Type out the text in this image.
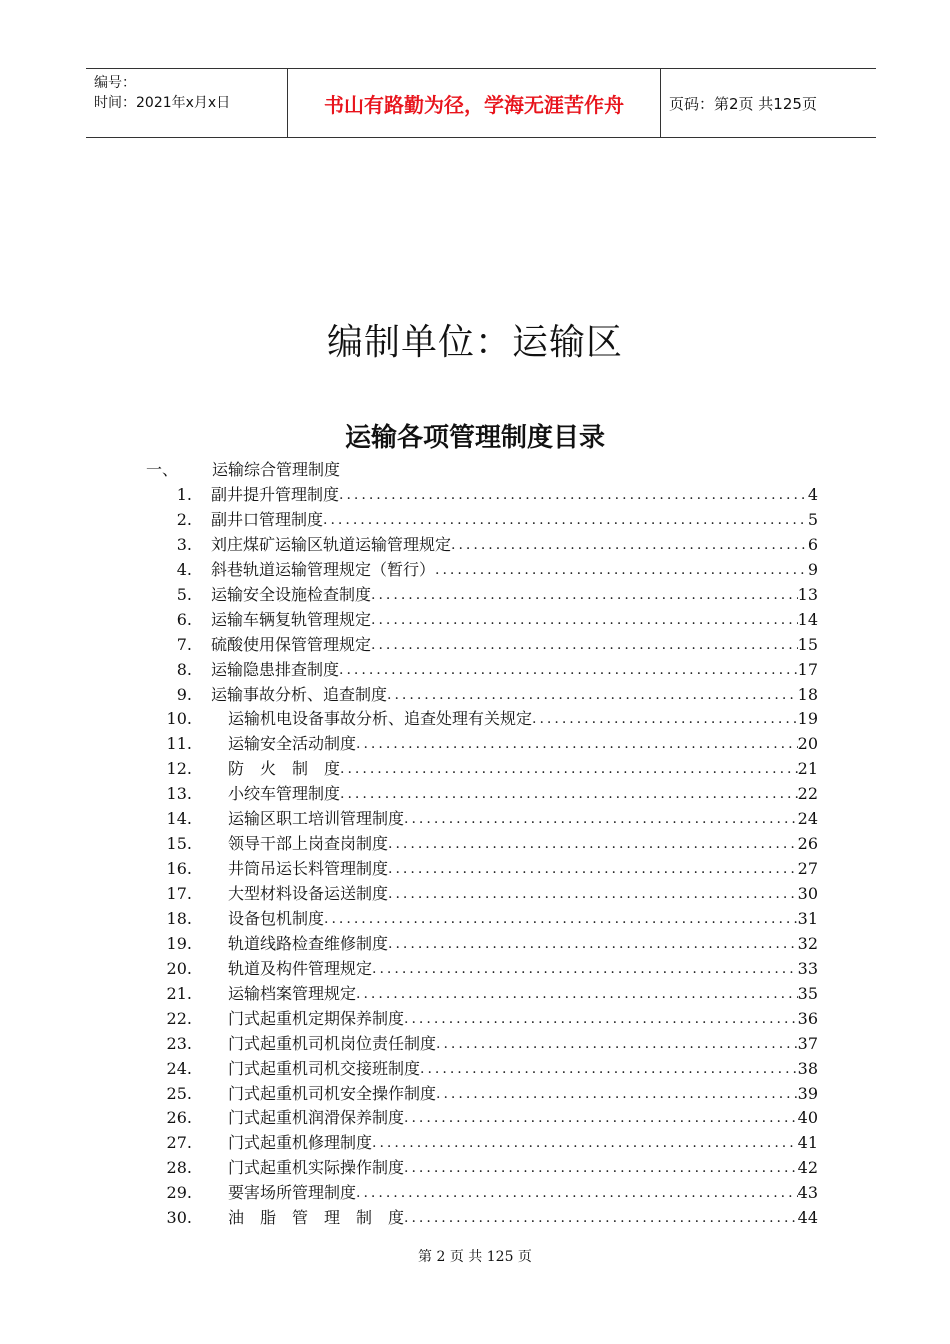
编号：
时间：2021年x月x日	书山有路勤为径，学海无涯苦作舟	页码：第2页 共125页
编制单位：运输区
运输各项管理制度目录
一、 运输综合管理制度
1. 副井提升管理制度 .....	4
2. 副井口管理制度 .....	5
3. 刘庄煤矿运输区轨道运输管理规定 .....	6
4. 斜巷轨道运输管理规定（暂行） .....	9
5. 运输安全设施检查制度 .....	13
6. 运输车辆复轨管理规定 .....	14
7. 硫酸使用保管管理规定 .....	15
8. 运输隐患排查制度 .....	17
9. 运输事故分析、追查制度 .....	18
10. 运输机电设备事故分析、追查处理有关规定 .....	19
11. 运输安全活动制度 .....	20
12. 防　火　制　度 .....	21
13. 小绞车管理制度 .....	22
14. 运输区职工培训管理制度 .....	24
15. 领导干部上岗查岗制度 .....	26
16. 井筒吊运长料管理制度 .....	27
17. 大型材料设备运送制度 .....	30
18. 设备包机制度 .....	31
19. 轨道线路检查维修制度 .....	32
20. 轨道及构件管理规定 .....	33
21. 运输档案管理规定 .....	35
22. 门式起重机定期保养制度 .....	36
23. 门式起重机司机岗位责任制度 .....	37
24. 门式起重机司机交接班制度 .....	38
25. 门式起重机司机安全操作制度 .....	39
26. 门式起重机润滑保养制度 .....	40
27. 门式起重机修理制度 .....	41
28. 门式起重机实际操作制度 .....	42
29. 要害场所管理制度 .....	43
30. 油　脂　管　理　制　度 .....	44
第 2 页 共 125 页
